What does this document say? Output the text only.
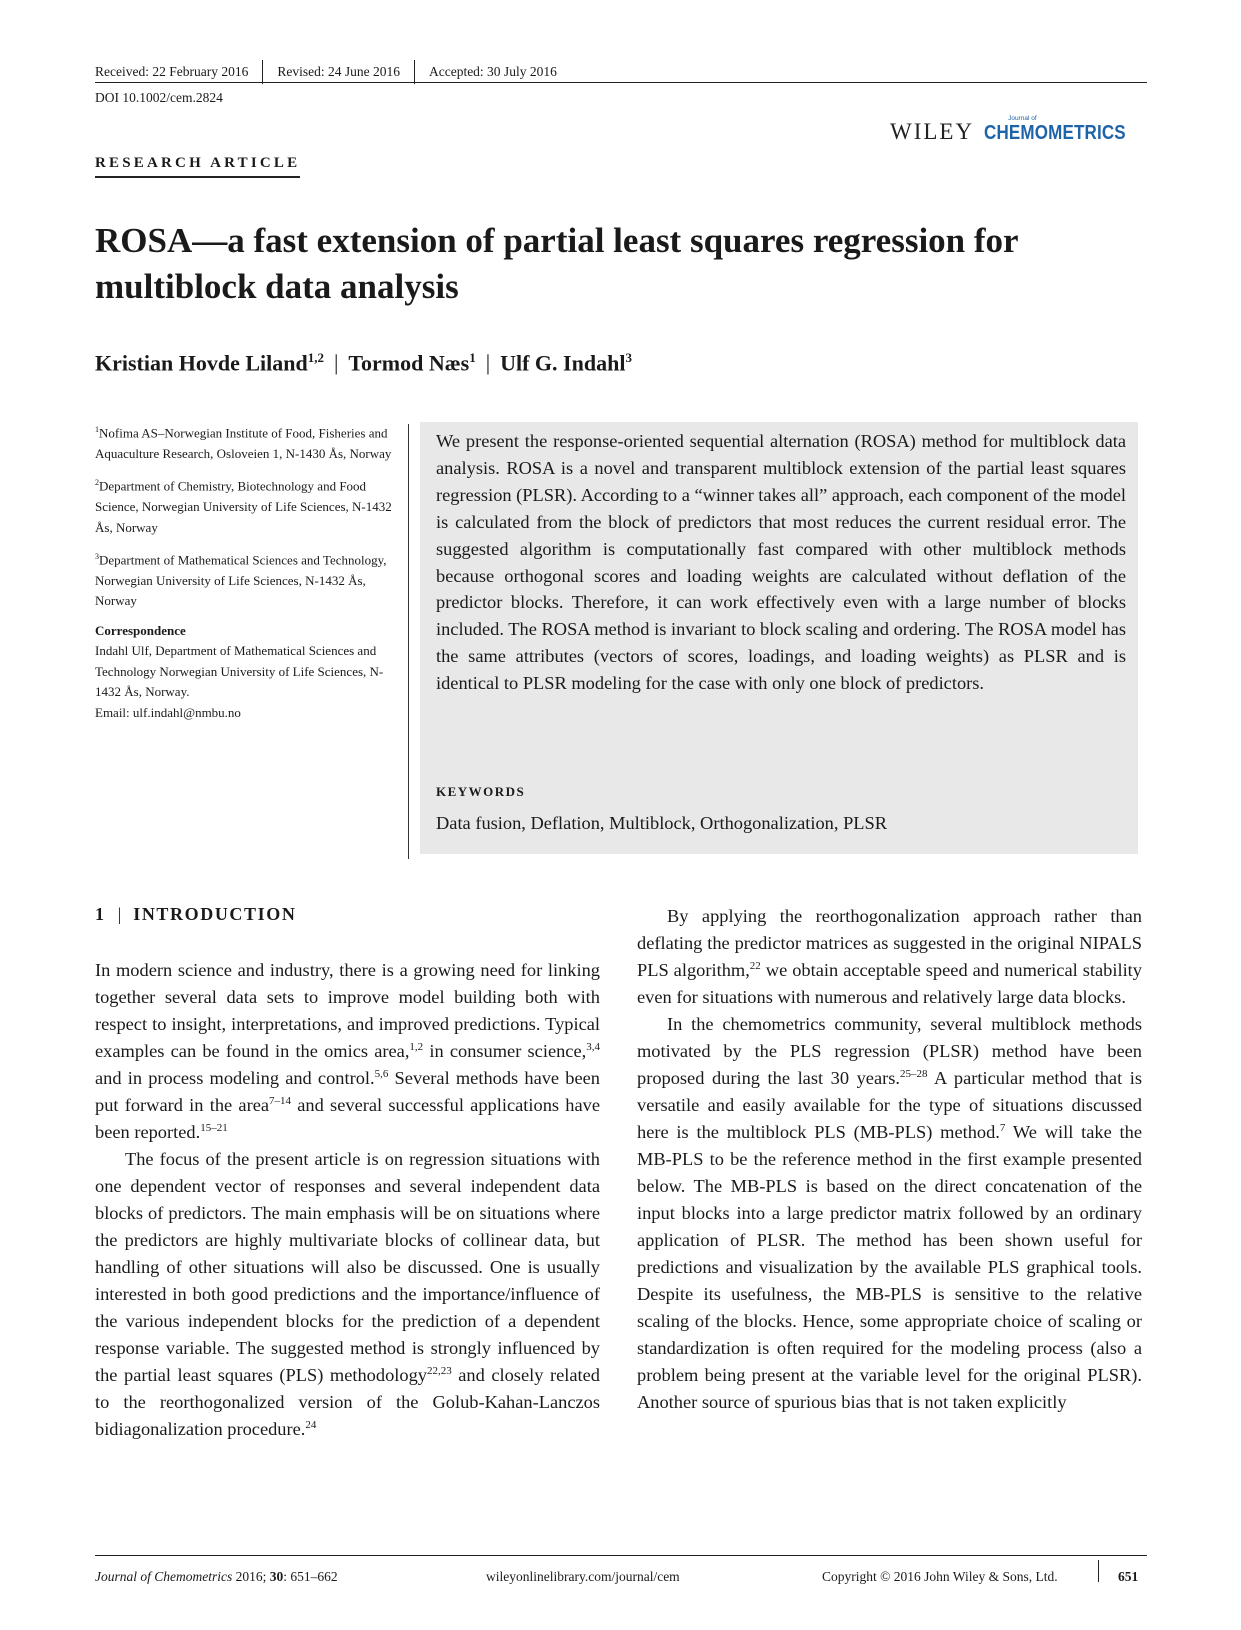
Received: 22 February 2016 Revised: 24 June 2016 Accepted: 30 July 2016
DOI 10.1002/cem.2824
WILEY	Journal of
CHEMOMETRICS
RESEARCH ARTICLE
ROSA—a fast extension of partial least squares regression for multiblock data analysis
Kristian Hovde Liland$^{1,2}$ | Tormod Næs$^1$ | Ulf G. Indahl$^3$

$^1$Nofima AS–Norwegian Institute of Food, Fisheries and Aquaculture Research, Osloveien 1, N-1430 Ås, Norway

$^2$Department of Chemistry, Biotechnology and Food Science, Norwegian University of Life Sciences, N-1432 Ås, Norway

$^3$Department of Mathematical Sciences and Technology, Norwegian University of Life Sciences, N-1432 Ås, Norway

Correspondence

Indahl Ulf, Department of Mathematical Sciences and Technology Norwegian University of Life Sciences, N-1432 Ås, Norway.

Email: ulf.indahl@nmbu.no

We present the response-oriented sequential alternation (ROSA) method for multiblock data analysis. ROSA is a novel and transparent multiblock extension of the partial least squares regression (PLSR). According to a “winner takes all” approach, each component of the model is calculated from the block of predictors that most reduces the current residual error. The suggested algorithm is computationally fast compared with other multiblock methods because orthogonal scores and loading weights are calculated without deflation of the predictor blocks. Therefore, it can work effectively even with a large number of blocks included. The ROSA method is invariant to block scaling and ordering. The ROSA model has the same attributes (vectors of scores, loadings, and loading weights) as PLSR and is identical to PLSR modeling for the case with only one block of predictors.
KEYWORDS
Data fusion, Deflation, Multiblock, Orthogonalization, PLSR
1 | INTRODUCTION

In modern science and industry, there is a growing need for linking together several data sets to improve model building both with respect to insight, interpretations, and improved predictions. Typical examples can be found in the omics area,$^{1,2}$ in consumer science,$^{3,4}$ and in process modeling and control.$^{5,6}$ Several methods have been put forward in the area$^{7-14}$ and several successful applications have been reported.$^{15-21}$

The focus of the present article is on regression situations with one dependent vector of responses and several independent data blocks of predictors. The main emphasis will be on situations where the predictors are highly multivariate blocks of collinear data, but handling of other situations will also be discussed. One is usually interested in both good predictions and the importance/influence of the various independent blocks for the prediction of a dependent response variable. The suggested method is strongly influenced by the partial least squares (PLS) methodology$^{22,23}$ and closely related to the reorthogonalized version of the Golub-Kahan-Lanczos bidiagonalization procedure.$^{24}$

By applying the reorthogonalization approach rather than deflating the predictor matrices as suggested in the original NIPALS PLS algorithm,$^{22}$ we obtain acceptable speed and numerical stability even for situations with numerous and relatively large data blocks.

In the chemometrics community, several multiblock methods motivated by the PLS regression (PLSR) method have been proposed during the last 30 years.$^{25-28}$ A particular method that is versatile and easily available for the type of situations discussed here is the multiblock PLS (MB-PLS) method.$^7$ We will take the MB-PLS to be the reference method in the first example presented below. The MB-PLS is based on the direct concatenation of the input blocks into a large predictor matrix followed by an ordinary application of PLSR. The method has been shown useful for predictions and visualization by the available PLS graphical tools. Despite its usefulness, the MB-PLS is sensitive to the relative scaling of the blocks. Hence, some appropriate choice of scaling or standardization is often required for the modeling process (also a problem being present at the variable level for the original PLSR). Another source of spurious bias that is not taken explicitly

Journal of Chemometrics 2016; 30: 651–662	wileyonlinelibrary.com/journal/cem	Copyright © 2016 John Wiley & Sons, Ltd.	651
